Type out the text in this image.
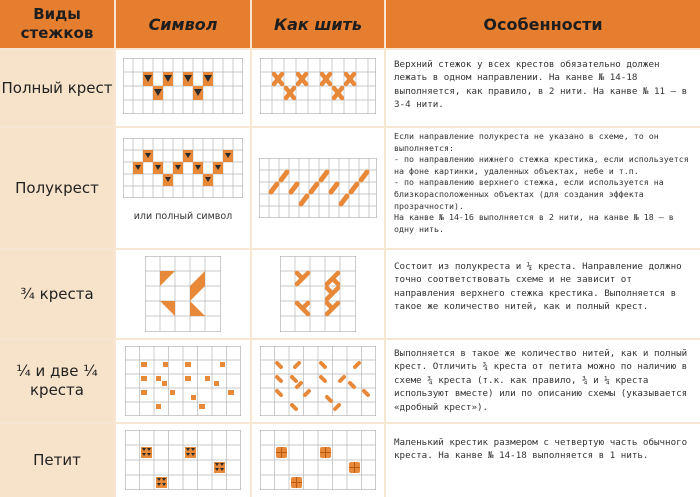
Виды стежков	Символ	Как шить	Особенности
Полный крест
Верхний стежок у всех крестов обязательно должен лежать в одном направлении. На канве № 14-18 выполняется, как правило, в 2 нити. На канве № 11 – в 3-4 нити.
Полукрест
или полный символ
Если направление полукреста не указано в схеме, то он выполняется:
- по направлению нижнего стежка крестика, если используется на фоне картинки, удаленных объектах, небе и т.п.
- по направлению верхнего стежка, если используется на близкорасположенных объектах (для создания эффекта прозрачности).
На канве № 14-16 выполняется в 2 нити, на канве № 18 – в одну нить.
¾ креста
Состоит из полукреста и ¼ креста. Направление должно точно соответствовать схеме и не зависит от направления верхнего стежка крестика. Выполняется в такое же количество нитей, как и полный крест.
¼ и две ¼ креста
Выполняется в такое же количество нитей, как и полный крест. Отличить ¾ креста от петита можно по наличию в схеме ¾ креста (т.к. как правило, ¾ и ¼ креста используют вместе) или по описанию схемы (указывается «дробный крест»).
Петит
Маленький крестик размером с четвертую часть обычного креста. На канве № 14-18 выполняется в 1 нить.
